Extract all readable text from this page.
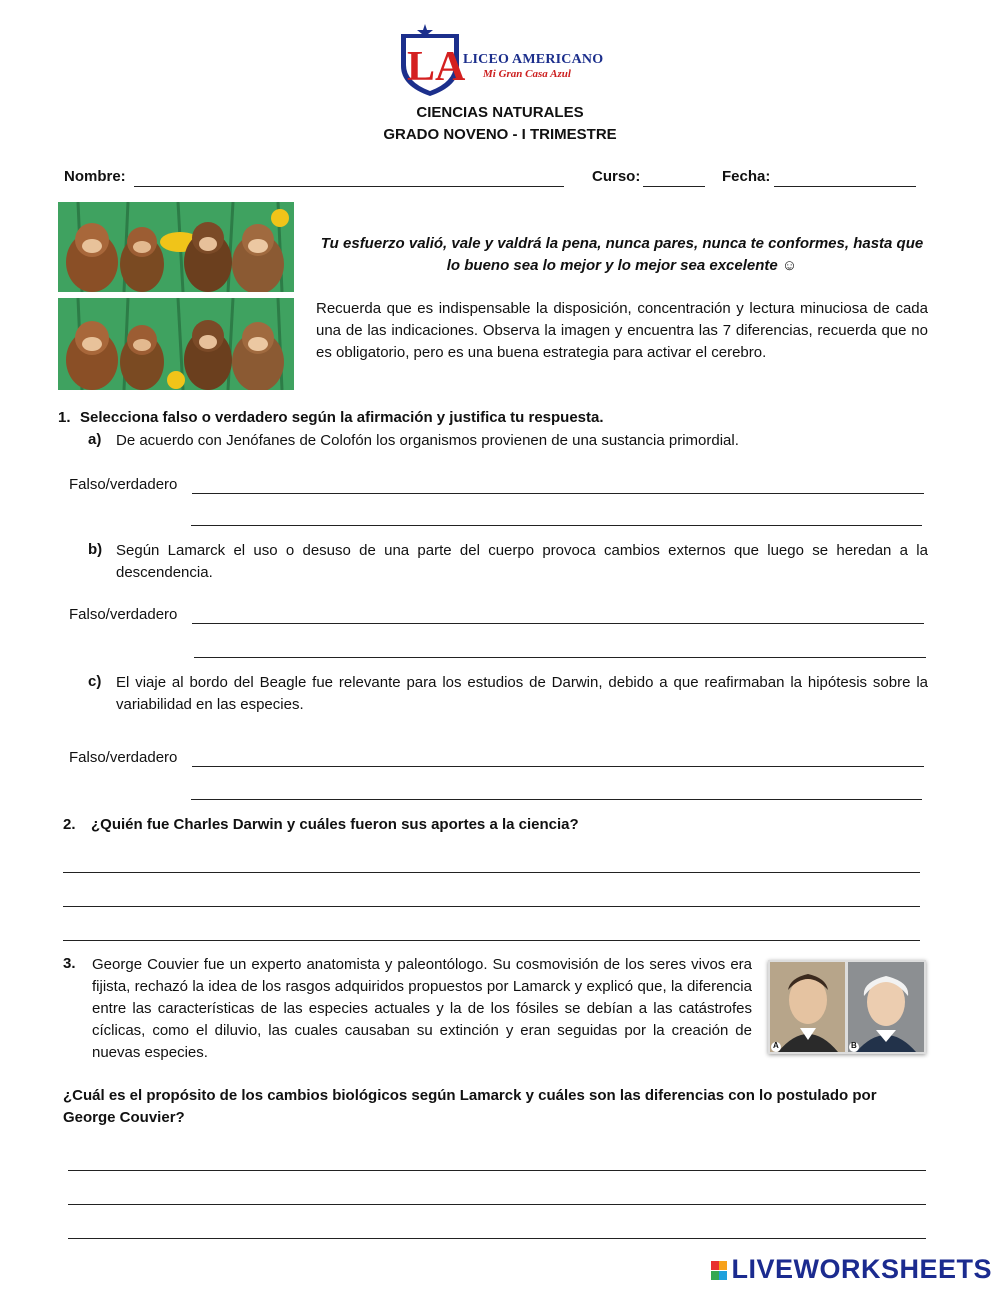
LA
LICEO AMERICANO
Mi Gran Casa Azul
CIENCIAS NATURALES
GRADO NOVENO - I TRIMESTRE
Nombre:	Curso:	Fecha:
Tu esfuerzo valió, vale y valdrá la pena, nunca pares, nunca te conformes, hasta que lo bueno sea lo mejor y lo mejor sea excelente ☺
Recuerda que es indispensable la disposición, concentración y lectura minuciosa de cada una de las indicaciones. Observa la imagen y encuentra las 7 diferencias, recuerda que no es obligatorio, pero es una buena estrategia para activar el cerebro.
1. Selecciona falso o verdadero según la afirmación y justifica tu respuesta.
a) De acuerdo con Jenófanes de Colofón los organismos provienen de una sustancia primordial.
Falso/verdadero
b) Según Lamarck el uso o desuso de una parte del cuerpo provoca cambios externos que luego se heredan a la descendencia.
Falso/verdadero
c) El viaje al bordo del Beagle fue relevante para los estudios de Darwin, debido a que reafirmaban la hipótesis sobre la variabilidad en las especies.
Falso/verdadero
2. ¿Quién fue Charles Darwin y cuáles fueron sus aportes a la ciencia?
3. George Couvier fue un experto anatomista y paleontólogo. Su cosmovisión de los seres vivos era fijista, rechazó la idea de los rasgos adquiridos propuestos por Lamarck y explicó que, la diferencia entre las características de las especies actuales y la de los fósiles se debían a las catástrofes cíclicas, como el diluvio, las cuales causaban su extinción y eran seguidas por la creación de nuevas especies.	A	B
¿Cuál es el propósito de los cambios biológicos según Lamarck y cuáles son las diferencias con lo postulado por George Couvier?
LIVEWORKSHEETS
